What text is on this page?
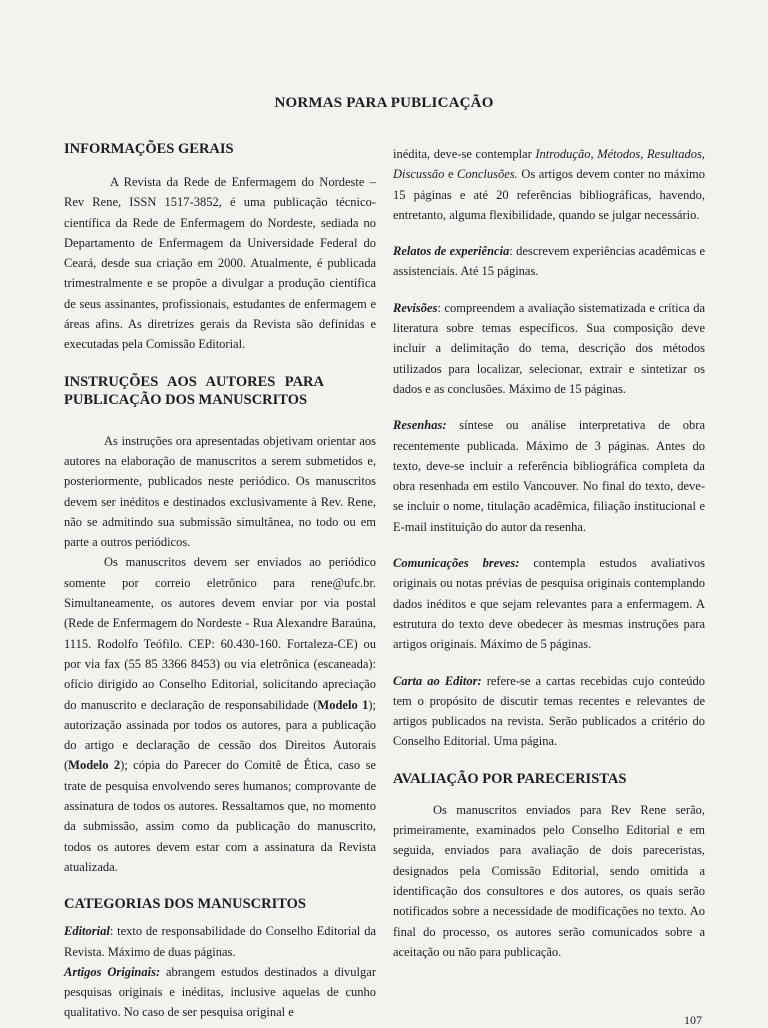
NORMAS PARA PUBLICAÇÃO
INFORMAÇÕES GERAIS

A Revista da Rede de Enfermagem do Nordeste – Rev Rene, ISSN 1517-3852, é uma publicação técnico-científica da Rede de Enfermagem do Nordeste, sediada no Departamento de Enfermagem da Universidade Federal do Ceará, desde sua criação em 2000. Atualmente, é publicada trimestralmente e se propõe a divulgar a produção científica de seus assinantes, profissionais, estudantes de enfermagem e áreas afins. As diretrizes gerais da Revista são definidas e executadas pela Comissão Editorial.

INSTRUÇÕES AOS AUTORES PARA PUBLICAÇÃO DOS MANUSCRITOS

As instruções ora apresentadas objetivam orientar aos autores na elaboração de manuscritos a serem submetidos e, posteriormente, publicados neste periódico. Os manuscritos devem ser inéditos e destinados exclusivamente à Rev. Rene, não se admitindo sua submissão simultânea, no todo ou em parte a outros periódicos.

Os manuscritos devem ser enviados ao periódico somente por correio eletrônico para rene@ufc.br. Simultaneamente, os autores devem enviar por via postal (Rede de Enfermagem do Nordeste - Rua Alexandre Baraúna, 1115. Rodolfo Teófilo. CEP: 60.430-160. Fortaleza-CE) ou por via fax (55 85 3366 8453) ou via eletrônica (escaneada): ofício dirigido ao Conselho Editorial, solicitando apreciação do manuscrito e declaração de responsabilidade (Modelo 1); autorização assinada por todos os autores, para a publicação do artigo e declaração de cessão dos Direitos Autorais (Modelo 2); cópia do Parecer do Comitê de Ética, caso se trate de pesquisa envolvendo seres humanos; comprovante de assinatura de todos os autores. Ressaltamos que, no momento da submissão, assim como da publicação do manuscrito, todos os autores devem estar com a assinatura da Revista atualizada.

CATEGORIAS DOS MANUSCRITOS

Editorial: texto de responsabilidade do Conselho Editorial da Revista. Máximo de duas páginas.

Artigos Originais: abrangem estudos destinados a divulgar pesquisas originais e inéditas, inclusive aquelas de cunho qualitativo. No caso de ser pesquisa original e

inédita, deve-se contemplar Introdução, Métodos, Resultados, Discussão e Conclusões. Os artigos devem conter no máximo 15 páginas e até 20 referências bibliográficas, havendo, entretanto, alguma flexibilidade, quando se julgar necessário.

Relatos de experiência: descrevem experiências acadêmicas e assistenciais. Até 15 páginas.

Revisões: compreendem a avaliação sistematizada e crítica da literatura sobre temas específicos. Sua composição deve incluir a delimitação do tema, descrição dos métodos utilizados para localizar, selecionar, extrair e sintetizar os dados e as conclusões. Máximo de 15 páginas.

Resenhas: síntese ou análise interpretativa de obra recentemente publicada. Máximo de 3 páginas. Antes do texto, deve-se incluir a referência bibliográfica completa da obra resenhada em estilo Vancouver. No final do texto, deve-se incluir o nome, titulação acadêmica, filiação institucional e E-mail instituição do autor da resenha.

Comunicações breves: contempla estudos avaliativos originais ou notas prévias de pesquisa originais contemplando dados inéditos e que sejam relevantes para a enfermagem. A estrutura do texto deve obedecer às mesmas instruções para artigos originais. Máximo de 5 páginas.

Carta ao Editor: refere-se a cartas recebidas cujo conteúdo tem o propósito de discutir temas recentes e relevantes de artigos publicados na revista. Serão publicados a critério do Conselho Editorial. Uma página.

AVALIAÇÃO POR PARECERISTAS

Os manuscritos enviados para Rev Rene serão, primeiramente, examinados pelo Conselho Editorial e em seguida, enviados para avaliação de dois pareceristas, designados pela Comissão Editorial, sendo omitida a identificação dos consultores e dos autores, os quais serão notificados sobre a necessidade de modificações no texto. Ao final do processo, os autores serão comunicados sobre a aceitação ou não para publicação.

107
